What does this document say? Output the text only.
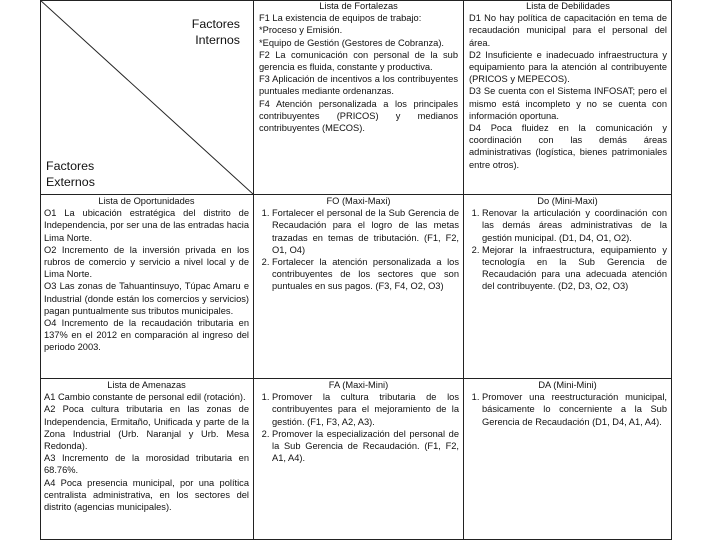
Factores
Internos
Factores
Externos

Lista de Fortalezas

F1 La existencia de equipos de trabajo:

*Proceso y Emisión.

*Equipo de Gestión (Gestores de Cobranza).

F2 La comunicación con personal de la sub gerencia es fluida, constante y productiva.

F3 Aplicación de incentivos a los contribuyentes puntuales mediante ordenanzas.

F4 Atención personalizada a los principales contribuyentes (PRICOS) y medianos contribuyentes (MECOS).

Lista de Debilidades

D1 No hay política de capacitación en tema de recaudación municipal para el personal del área.

D2 Insuficiente e inadecuado infraestructura y equipamiento para la atención al contribuyente (PRICOS y MEPECOS).

D3 Se cuenta con el Sistema INFOSAT; pero el mismo está incompleto y no se cuenta con información oportuna.

D4 Poca fluidez en la comunicación y coordinación con las demás áreas administrativas (logística, bienes patrimoniales entre otros).

Lista de Oportunidades

O1 La ubicación estratégica del distrito de Independencia, por ser una de las entradas hacia Lima Norte.

O2 Incremento de la inversión privada en los rubros de comercio y servicio a nivel local y de Lima Norte.

O3 Las zonas de Tahuantinsuyo, Túpac Amaru e Industrial (donde están los comercios y servicios) pagan puntualmente sus tributos municipales.

O4 Incremento de la recaudación tributaria en 137% en el 2012 en comparación al ingreso del periodo 2003.

FO (Maxi-Maxi)

1. Fortalecer el personal de la Sub Gerencia de Recaudación para el logro de las metas trazadas en temas de tributación. (F1, F2, O1, O4)
2. Fortalecer la atención personalizada a los contribuyentes de los sectores que son puntuales en sus pagos. (F3, F4, O2, O3)

Do (Mini-Maxi)

1. Renovar la articulación y coordinación con las demás áreas administrativas de la gestión municipal. (D1, D4, O1, O2).
2. Mejorar la infraestructura, equipamiento y tecnología en la Sub Gerencia de Recaudación para una adecuada atención del contribuyente. (D2, D3, O2, O3)

Lista de Amenazas

A1 Cambio constante de personal edil (rotación).

A2 Poca cultura tributaria en las zonas de Independencia, Ermitaño, Unificada y parte de la Zona Industrial (Urb. Naranjal y Urb. Mesa Redonda).

A3 Incremento de la morosidad tributaria en 68.76%.

A4 Poca presencia municipal, por una política centralista administrativa, en los sectores del distrito (agencias municipales).

FA (Maxi-Mini)

1. Promover la cultura tributaria de los contribuyentes para el mejoramiento de la gestión. (F1, F3, A2, A3).
2. Promover la especialización del personal de la Sub Gerencia de Recaudación. (F1, F2, A1, A4).

DA (Mini-Mini)

1. Promover una reestructuración municipal, básicamente lo concerniente a la Sub Gerencia de Recaudación (D1, D4, A1, A4).
